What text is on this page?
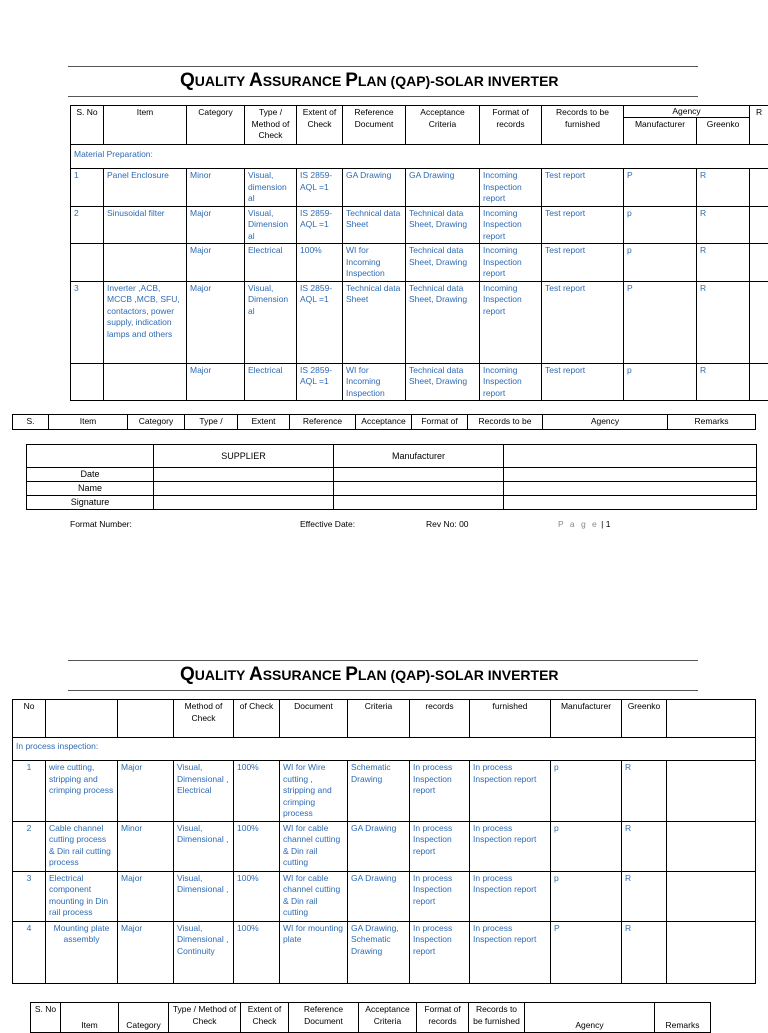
QUALITY ASSURANCE PLAN (QAP)-SOLAR INVERTER
S. No	Item	Category	Type / Method of Check	Extent of Check	Reference Document	Acceptance Criteria	Format of records	Records to be furnished	Agency		R
									Manufacturer	Greenko	
Material Preparation:											
1	Panel Enclosure	Minor	Visual, dimension al	IS 2859- AQL =1	GA Drawing	GA Drawing	Incoming Inspection report	Test report	P	R	
2	Sinusoidal filter	Major	Visual, Dimension al	IS 2859- AQL =1	Technical data Sheet	Technical data Sheet, Drawing	Incoming Inspection report	Test report	p	R	
		Major	Electrical	100%	WI for Incoming Inspection	Technical data Sheet, Drawing	Incoming Inspection report	Test report	p	R	
3	Inverter ,ACB, MCCB ,MCB, SFU, contactors, power supply, indication lamps and others	Major	Visual, Dimension al	IS 2859- AQL =1	Technical data Sheet	Technical data Sheet, Drawing	Incoming Inspection report	Test report	P	R	
		Major	Electrical	IS 2859- AQL =1	WI for Incoming Inspection	Technical data Sheet, Drawing	Incoming Inspection report	Test report	p	R	
S.	Item	Category	Type /	Extent	Reference	Acceptance	Format of	Records to be	Agency	Remarks
	SUPPLIER	Manufacturer	
Date			
Name			
Signature			
Format Number:	Effective Date:	Rev No: 00	P a g e | 1
QUALITY ASSURANCE PLAN (QAP)-SOLAR INVERTER
No			Method of Check	of Check	Document	Criteria	records	furnished	Manufacturer	Greenko	
In process inspection:											
1	wire cutting, stripping and crimping process	Major	Visual, Dimensional , Electrical	100%	WI for Wire cutting , stripping and crimping process	Schematic Drawing	In process Inspection report	In process Inspection report	p	R	
2	Cable channel cutting process & Din rail cutting process	Minor	Visual, Dimensional ,	100%	WI for cable channel cutting & Din rail cutting	GA Drawing	In process Inspection report	In process Inspection report	p	R	
3	Electrical component mounting in Din rail process	Major	Visual, Dimensional ,	100%	WI for cable channel cutting & Din rail cutting	GA Drawing	In process Inspection report	In process Inspection report	p	R	
4	Mounting plate assembly	Major	Visual, Dimensional , Continuity	100%	WI for mounting plate	GA Drawing, Schematic Drawing	In process Inspection report	In process Inspection report	P	R	
S. No	Item	Category	Type / Method of Check	Extent of Check	Reference Document	Acceptance Criteria	Format of records	Records to be furnished	Agency	Remarks
